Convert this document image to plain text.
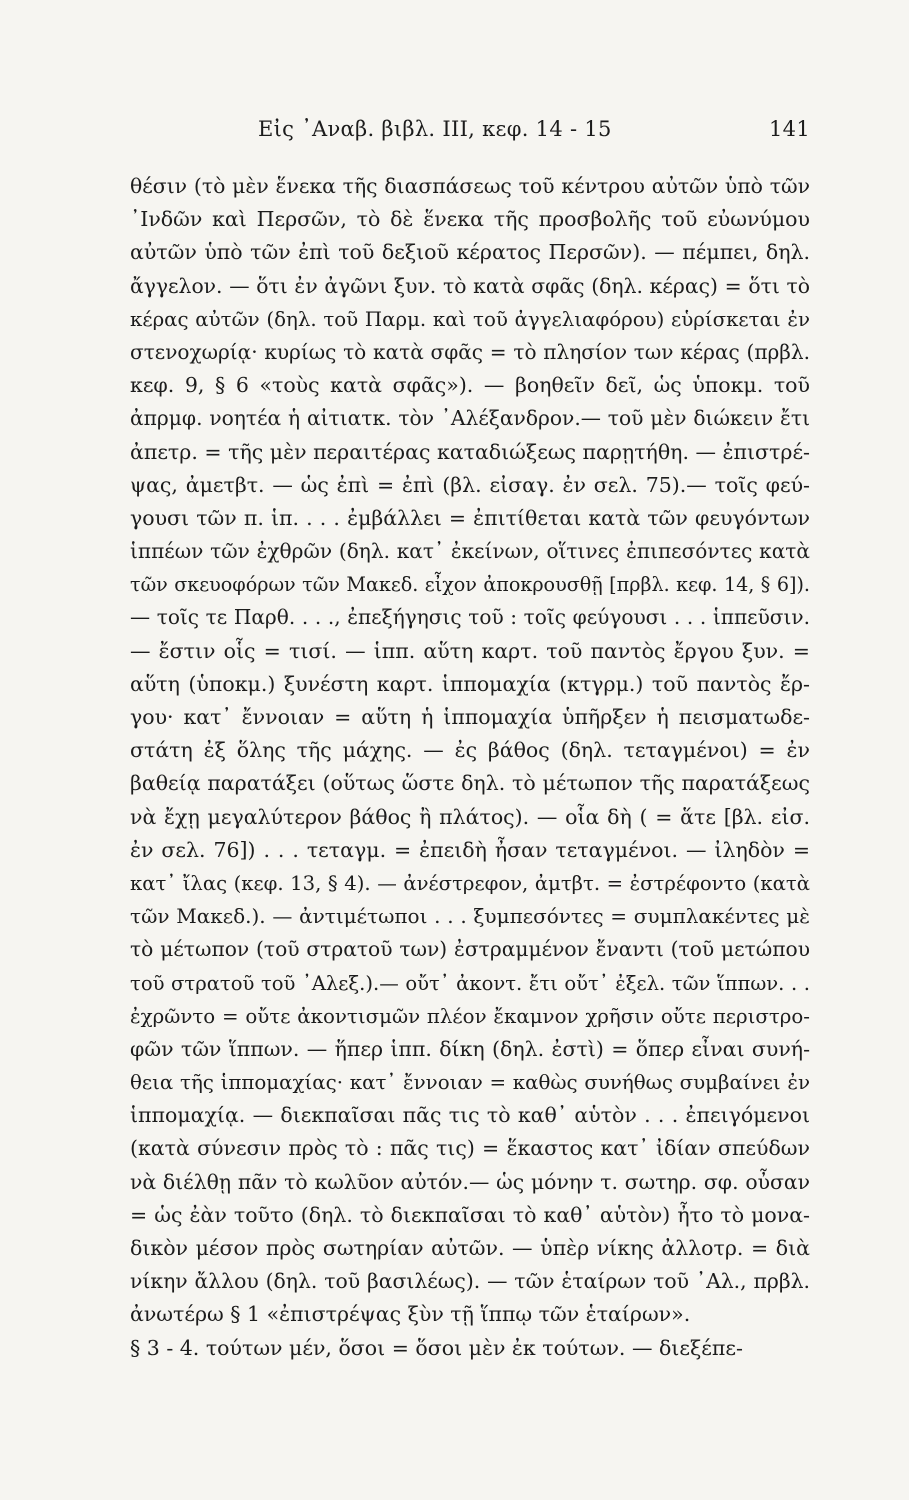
Εἰς ᾿Αναβ. βιβλ. III, κεφ. 14 - 15	141
θέσιν (τὸ μὲν ἕνεκα τῆς διασπάσεως τοῦ κέντρου αὐτῶν ὑπὸ τῶν
᾿Ινδῶν καὶ Περσῶν, τὸ δὲ ἕνεκα τῆς προσβολῆς τοῦ εὐωνύμου
αὐτῶν ὑπὸ τῶν ἐπὶ τοῦ δεξιοῦ κέρατος Περσῶν). — πέμπει, δηλ.
ἄγγελον. — ὅτι ἐν ἀγῶνι ξυν. τὸ κατὰ σφᾶς (δηλ. κέρας) = ὅτι τὸ
κέρας αὐτῶν (δηλ. τοῦ Παρμ. καὶ τοῦ ἀγγελιαφόρου) εὑρίσκεται ἐν
στενοχωρίᾳ· κυρίως τὸ κατὰ σφᾶς = τὸ πλησίον των κέρας (πρβλ.
κεφ. 9, § 6 «τοὺς κατὰ σφᾶς»). — βοηθεῖν δεῖ, ὡς ὑποκμ. τοῦ
ἀπρμφ. νοητέα ἡ αἰτιατκ. τὸν ᾿Αλέξανδρον.— τοῦ μὲν διώκειν ἔτι
ἀπετρ. = τῆς μὲν περαιτέρας καταδιώξεως παρῃτήθη. — ἐπιστρέ-
ψας, ἀμετβτ. — ὡς ἐπὶ = ἐπὶ (βλ. εἰσαγ. ἐν σελ. 75).— τοῖς φεύ-
γουσι τῶν π. ἱπ. . . . ἐμβάλλει = ἐπιτίθεται κατὰ τῶν φευγόντων
ἱππέων τῶν ἐχθρῶν (δηλ. κατ᾿ ἐκείνων, οἵτινες ἐπιπεσόντες κατὰ
τῶν σκευοφόρων τῶν Μακεδ. εἶχον ἀποκρουσθῇ [πρβλ. κεφ. 14, § 6]).
— τοῖς τε Παρθ. . . ., ἐπεξήγησις τοῦ : τοῖς φεύγουσι . . . ἱππεῦσιν.
— ἔστιν οἷς = τισί. — ἱππ. αὕτη καρτ. τοῦ παντὸς ἔργου ξυν. =
αὕτη (ὑποκμ.) ξυνέστη καρτ. ἱππομαχία (κτγρμ.) τοῦ παντὸς ἔρ-
γου· κατ᾿ ἔννοιαν = αὕτη ἡ ἱππομαχία ὑπῆρξεν ἡ πεισματωδε-
στάτη ἐξ ὅλης τῆς μάχης. — ἐς βάθος (δηλ. τεταγμένοι) = ἐν
βαθείᾳ παρατάξει (οὕτως ὥστε δηλ. τὸ μέτωπον τῆς παρατάξεως
νὰ ἔχῃ μεγαλύτερον βάθος ἢ πλάτος). — οἷα δὴ ( = ἅτε [βλ. εἰσ.
ἐν σελ. 76]) . . . τεταγμ. = ἐπειδὴ ἦσαν τεταγμένοι. — ἰληδὸν =
κατ᾿ ἴλας (κεφ. 13, § 4). — ἀνέστρεφον, ἀμτβτ. = ἐστρέφοντο (κατὰ
τῶν Μακεδ.). — ἀντιμέτωποι . . . ξυμπεσόντες = συμπλακέντες μὲ
τὸ μέτωπον (τοῦ στρατοῦ των) ἐστραμμένον ἔναντι (τοῦ μετώπου
τοῦ στρατοῦ τοῦ ᾿Αλεξ.).— οὔτ᾿ ἀκοντ. ἔτι οὔτ᾿ ἐξελ. τῶν ἵππων. . .
ἐχρῶντο = οὔτε ἀκοντισμῶν πλέον ἔκαμνον χρῆσιν οὔτε περιστρο-
φῶν τῶν ἵππων. — ἥπερ ἱππ. δίκη (δηλ. ἐστὶ) = ὅπερ εἶναι συνή-
θεια τῆς ἱππομαχίας· κατ᾿ ἔννοιαν = καθὼς συνήθως συμβαίνει ἐν
ἱππομαχίᾳ. — διεκπαῖσαι πᾶς τις τὸ καθ᾿ αὑτὸν . . . ἐπειγόμενοι
(κατὰ σύνεσιν πρὸς τὸ : πᾶς τις) = ἕκαστος κατ᾿ ἰδίαν σπεύδων
νὰ διέλθῃ πᾶν τὸ κωλῦον αὐτόν.— ὡς μόνην τ. σωτηρ. σφ. οὖσαν
= ὡς ἐὰν τοῦτο (δηλ. τὸ διεκπαῖσαι τὸ καθ᾿ αὑτὸν) ἦτο τὸ μονα-
δικὸν μέσον πρὸς σωτηρίαν αὐτῶν. — ὑπὲρ νίκης ἀλλοτρ. = διὰ
νίκην ἄλλου (δηλ. τοῦ βασιλέως). — τῶν ἑταίρων τοῦ ᾿Αλ., πρβλ.
ἀνωτέρω § 1 «ἐπιστρέψας ξὺν τῇ ἵππῳ τῶν ἑταίρων».
§ 3 - 4. τούτων μέν, ὅσοι = ὅσοι μὲν ἐκ τούτων. — διεξέπε-
